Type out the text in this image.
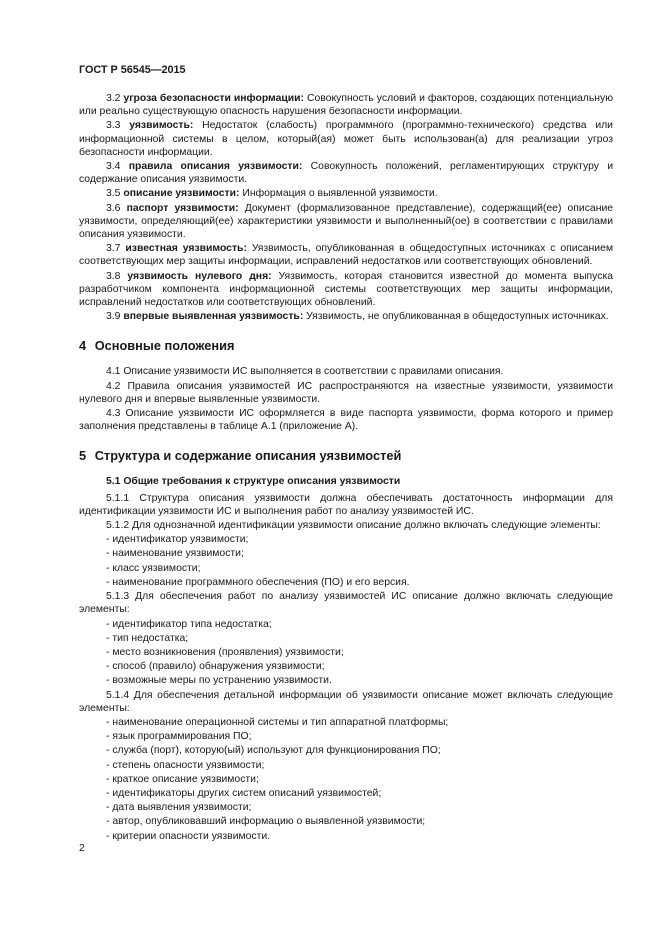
ГОСТ Р 56545—2015
3.2 угроза безопасности информации: Совокупность условий и факторов, создающих потенциальную или реально существующую опасность нарушения безопасности информации.
3.3 уязвимость: Недостаток (слабость) программного (программно-технического) средства или информационной системы в целом, который(ая) может быть использован(а) для реализации угроз безопасности информации.
3.4 правила описания уязвимости: Совокупность положений, регламентирующих структуру и содержание описания уязвимости.
3.5 описание уязвимости: Информация о выявленной уязвимости.
3.6 паспорт уязвимости: Документ (формализованное представление), содержащий(ее) описание уязвимости, определяющий(ее) характеристики уязвимости и выполненный(ое) в соответствии с правилами описания уязвимости.
3.7 известная уязвимость: Уязвимость, опубликованная в общедоступных источниках с описанием соответствующих мер защиты информации, исправлений недостатков или соответствующих обновлений.
3.8 уязвимость нулевого дня: Уязвимость, которая становится известной до момента выпуска разработчиком компонента информационной системы соответствующих мер защиты информации, исправлений недостатков или соответствующих обновлений.
3.9 впервые выявленная уязвимость: Уязвимость, не опубликованная в общедоступных источниках.
4 Основные положения
4.1 Описание уязвимости ИС выполняется в соответствии с правилами описания.
4.2 Правила описания уязвимостей ИС распространяются на известные уязвимости, уязвимости нулевого дня и впервые выявленные уязвимости.
4.3 Описание уязвимости ИС оформляется в виде паспорта уязвимости, форма которого и пример заполнения представлены в таблице А.1 (приложение А).
5 Структура и содержание описания уязвимостей
5.1 Общие требования к структуре описания уязвимости
5.1.1 Структура описания уязвимости должна обеспечивать достаточность информации для идентификации уязвимости ИС и выполнения работ по анализу уязвимостей ИС.
5.1.2 Для однозначной идентификации уязвимости описание должно включать следующие элементы:
- идентификатор уязвимости;
- наименование уязвимости;
- класс уязвимости;
- наименование программного обеспечения (ПО) и его версия.
5.1.3 Для обеспечения работ по анализу уязвимостей ИС описание должно включать следующие элементы:
- идентификатор типа недостатка;
- тип недостатка;
- место возникновения (проявления) уязвимости;
- способ (правило) обнаружения уязвимости;
- возможные меры по устранению уязвимости.
5.1.4 Для обеспечения детальной информации об уязвимости описание может включать следующие элементы:
- наименование операционной системы и тип аппаратной платформы;
- язык программирования ПО;
- служба (порт), которую(ый) используют для функционирования ПО;
- степень опасности уязвимости;
- краткое описание уязвимости;
- идентификаторы других систем описаний уязвимостей;
- дата выявления уязвимости;
- автор, опубликовавший информацию о выявленной уязвимости;
- критерии опасности уязвимости.
2
